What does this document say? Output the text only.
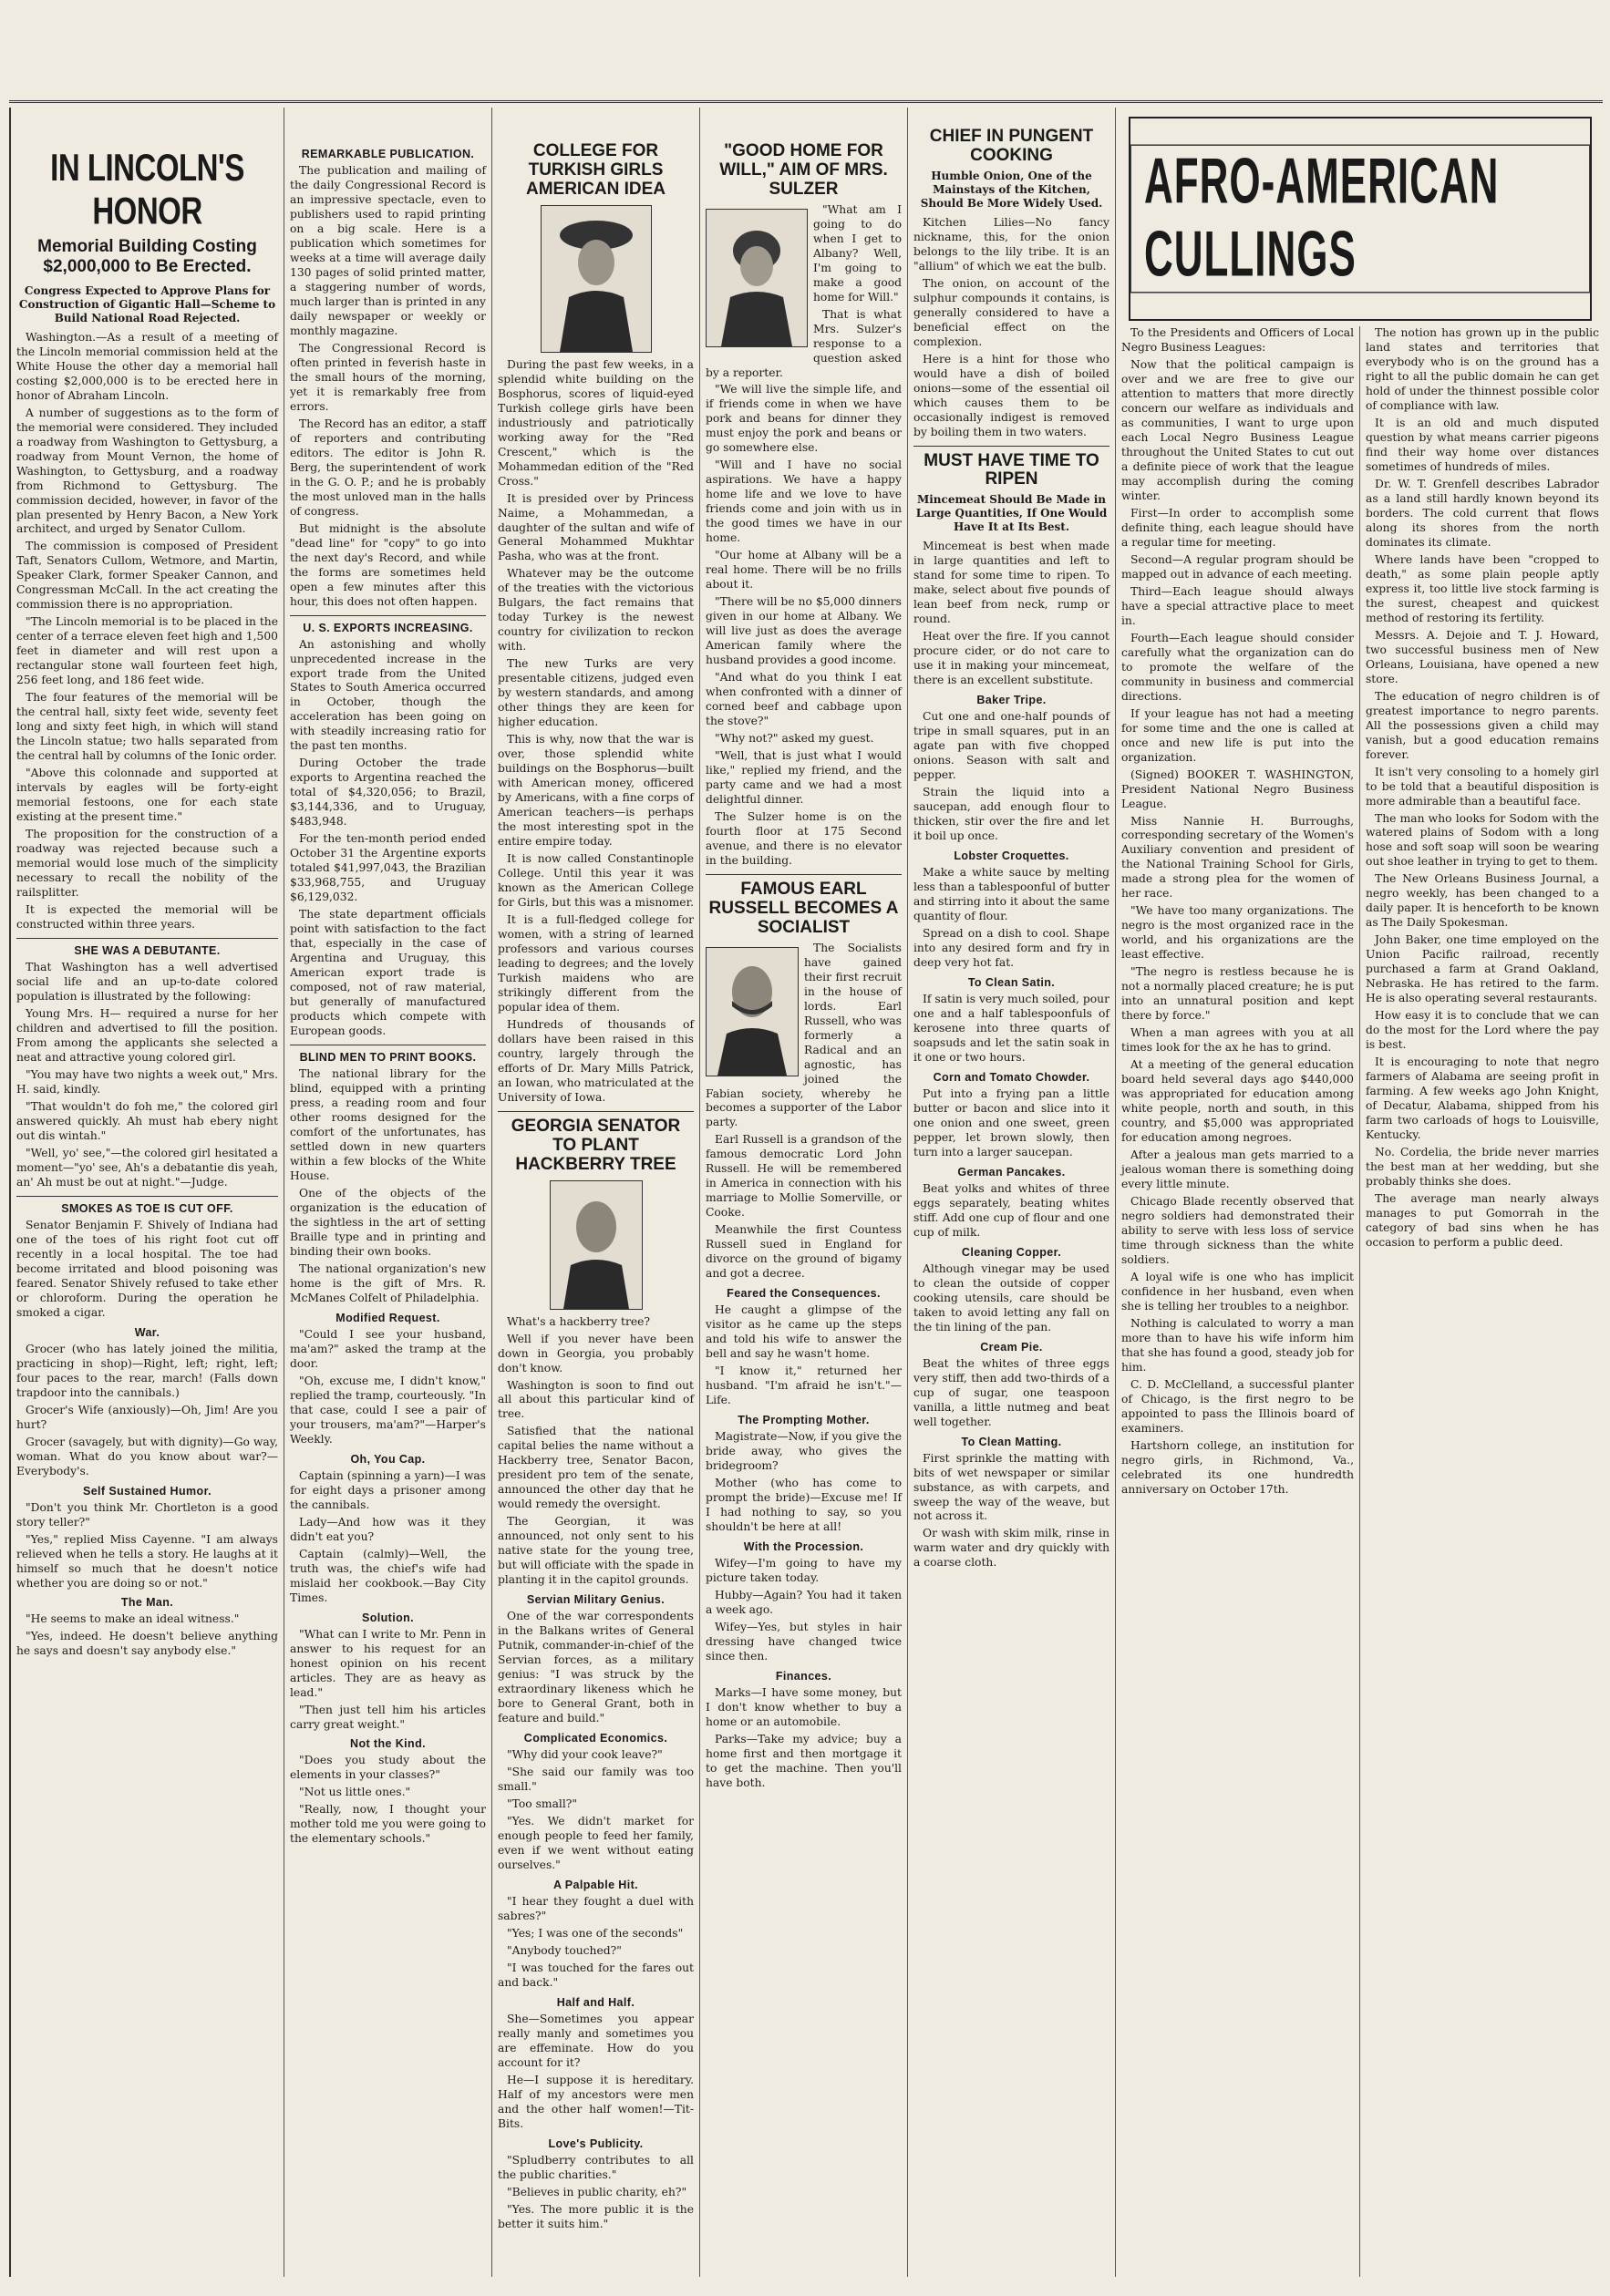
IN LINCOLN'S HONOR
Memorial Building Costing $2,000,000 to Be Erected.
Congress Expected to Approve Plans for Construction of Gigantic Hall—Scheme to Build National Road Rejected.

Washington.—As a result of a meeting of the Lincoln memorial commission held at the White House the other day a memorial hall costing $2,000,000 is to be erected here in honor of Abraham Lincoln.

A number of suggestions as to the form of the memorial were considered. They included a roadway from Washington to Gettysburg, a roadway from Mount Vernon, the home of Washington, to Gettysburg, and a roadway from Richmond to Gettysburg. The commission decided, however, in favor of the plan presented by Henry Bacon, a New York architect, and urged by Senator Cullom.

The commission is composed of President Taft, Senators Cullom, Wetmore, and Martin, Speaker Clark, former Speaker Cannon, and Congressman McCall. In the act creating the commission there is no appropriation.

"The Lincoln memorial is to be placed in the center of a terrace eleven feet high and 1,500 feet in diameter and will rest upon a rectangular stone wall fourteen feet high, 256 feet long, and 186 feet wide.

The four features of the memorial will be the central hall, sixty feet wide, seventy feet long and sixty feet high, in which will stand the Lincoln statue; two halls separated from the central hall by columns of the Ionic order.

"Above this colonnade and supported at intervals by eagles will be forty-eight memorial festoons, one for each state existing at the present time."

The proposition for the construction of a roadway was rejected because such a memorial would lose much of the simplicity necessary to recall the nobility of the railsplitter.

It is expected the memorial will be constructed within three years.

SHE WAS A DEBUTANTE.

That Washington has a well advertised social life and an up-to-date colored population is illustrated by the following:

Young Mrs. H— required a nurse for her children and advertised to fill the position. From among the applicants she selected a neat and attractive young colored girl.

"You may have two nights a week out," Mrs. H. said, kindly.

"That wouldn't do foh me," the colored girl answered quickly. Ah must hab ebery night out dis wintah."

"Well, yo' see,"—the colored girl hesitated a moment—"yo' see, Ah's a debatantie dis yeah, an' Ah must be out at night."—Judge.

SMOKES AS TOE IS CUT OFF.

Senator Benjamin F. Shively of Indiana had one of the toes of his right foot cut off recently in a local hospital. The toe had become irritated and blood poisoning was feared. Senator Shively refused to take ether or chloroform. During the operation he smoked a cigar.

War.

Grocer (who has lately joined the militia, practicing in shop)—Right, left; right, left; four paces to the rear, march! (Falls down trapdoor into the cannibals.)

Grocer's Wife (anxiously)—Oh, Jim! Are you hurt?

Grocer (savagely, but with dignity)—Go way, woman. What do you know about war?—Everybody's.

Self Sustained Humor.

"Don't you think Mr. Chortleton is a good story teller?"

"Yes," replied Miss Cayenne. "I am always relieved when he tells a story. He laughs at it himself so much that he doesn't notice whether you are doing so or not."

The Man.

"He seems to make an ideal witness."

"Yes, indeed. He doesn't believe anything he says and doesn't say anybody else."

REMARKABLE PUBLICATION.

The publication and mailing of the daily Congressional Record is an impressive spectacle, even to publishers used to rapid printing on a big scale. Here is a publication which sometimes for weeks at a time will average daily 130 pages of solid printed matter, a staggering number of words, much larger than is printed in any daily newspaper or weekly or monthly magazine.

The Congressional Record is often printed in feverish haste in the small hours of the morning, yet it is remarkably free from errors.

The Record has an editor, a staff of reporters and contributing editors. The editor is John R. Berg, the superintendent of work in the G. O. P.; and he is probably the most unloved man in the halls of congress.

But midnight is the absolute "dead line" for "copy" to go into the next day's Record, and while the forms are sometimes held open a few minutes after this hour, this does not often happen.

U. S. EXPORTS INCREASING.

An astonishing and wholly unprecedented increase in the export trade from the United States to South America occurred in October, though the acceleration has been going on with steadily increasing ratio for the past ten months.

During October the trade exports to Argentina reached the total of $4,320,056; to Brazil, $3,144,336, and to Uruguay, $483,948.

For the ten-month period ended October 31 the Argentine exports totaled $41,997,043, the Brazilian $33,968,755, and Uruguay $6,129,032.

The state department officials point with satisfaction to the fact that, especially in the case of Argentina and Uruguay, this American export trade is composed, not of raw material, but generally of manufactured products which compete with European goods.

BLIND MEN TO PRINT BOOKS.

The national library for the blind, equipped with a printing press, a reading room and four other rooms designed for the comfort of the unfortunates, has settled down in new quarters within a few blocks of the White House.

One of the objects of the organization is the education of the sightless in the art of setting Braille type and in printing and binding their own books.

The national organization's new home is the gift of Mrs. R. McManes Colfelt of Philadelphia.

Modified Request.

"Could I see your husband, ma'am?" asked the tramp at the door.

"Oh, excuse me, I didn't know," replied the tramp, courteously. "In that case, could I see a pair of your trousers, ma'am?"—Harper's Weekly.

Oh, You Cap.

Captain (spinning a yarn)—I was for eight days a prisoner among the cannibals.

Lady—And how was it they didn't eat you?

Captain (calmly)—Well, the truth was, the chief's wife had mislaid her cookbook.—Bay City Times.

Solution.

"What can I write to Mr. Penn in answer to his request for an honest opinion on his recent articles. They are as heavy as lead."

"Then just tell him his articles carry great weight."

Not the Kind.

"Does you study about the elements in your classes?"

"Not us little ones."

"Really, now, I thought your mother told me you were going to the elementary schools."

COLLEGE FOR TURKISH GIRLS AMERICAN IDEA

During the past few weeks, in a splendid white building on the Bosphorus, scores of liquid-eyed Turkish college girls have been industriously and patriotically working away for the "Red Crescent," which is the Mohammedan edition of the "Red Cross."

It is presided over by Princess Naime, a Mohammedan, a daughter of the sultan and wife of General Mohammed Mukhtar Pasha, who was at the front.

Whatever may be the outcome of the treaties with the victorious Bulgars, the fact remains that today Turkey is the newest country for civilization to reckon with.

The new Turks are very presentable citizens, judged even by western standards, and among other things they are keen for higher education.

This is why, now that the war is over, those splendid white buildings on the Bosphorus—built with American money, officered by Americans, with a fine corps of American teachers—is perhaps the most interesting spot in the entire empire today.

It is now called Constantinople College. Until this year it was known as the American College for Girls, but this was a misnomer.

It is a full-fledged college for women, with a string of learned professors and various courses leading to degrees; and the lovely Turkish maidens who are strikingly different from the popular idea of them.

Hundreds of thousands of dollars have been raised in this country, largely through the efforts of Dr. Mary Mills Patrick, an Iowan, who matriculated at the University of Iowa.

GEORGIA SENATOR TO PLANT HACKBERRY TREE

What's a hackberry tree?

Well if you never have been down in Georgia, you probably don't know.

Washington is soon to find out all about this particular kind of tree.

Satisfied that the national capital belies the name without a Hackberry tree, Senator Bacon, president pro tem of the senate, announced the other day that he would remedy the oversight.

The Georgian, it was announced, not only sent to his native state for the young tree, but will officiate with the spade in planting it in the capitol grounds.

Servian Military Genius.

One of the war correspondents in the Balkans writes of General Putnik, commander-in-chief of the Servian forces, as a military genius: "I was struck by the extraordinary likeness which he bore to General Grant, both in feature and build."

Complicated Economics.

"Why did your cook leave?"

"She said our family was too small."

"Too small?"

"Yes. We didn't market for enough people to feed her family, even if we went without eating ourselves."

A Palpable Hit.

"I hear they fought a duel with sabres?"

"Yes; I was one of the seconds"

"Anybody touched?"

"I was touched for the fares out and back."

Half and Half.

She—Sometimes you appear really manly and sometimes you are effeminate. How do you account for it?

He—I suppose it is hereditary. Half of my ancestors were men and the other half women!—Tit-Bits.

Love's Publicity.

"Spludberry contributes to all the public charities."

"Believes in public charity, eh?"

"Yes. The more public it is the better it suits him."

"GOOD HOME FOR WILL," AIM OF MRS. SULZER

"What am I going to do when I get to Albany? Well, I'm going to make a good home for Will."

That is what Mrs. Sulzer's response to a question asked by a reporter.

"We will live the simple life, and if friends come in when we have pork and beans for dinner they must enjoy the pork and beans or go somewhere else.

"Will and I have no social aspirations. We have a happy home life and we love to have friends come and join with us in the good times we have in our home.

"Our home at Albany will be a real home. There will be no frills about it.

"There will be no $5,000 dinners given in our home at Albany. We will live just as does the average American family where the husband provides a good income.

"And what do you think I eat when confronted with a dinner of corned beef and cabbage upon the stove?"

"Why not?" asked my guest.

"Well, that is just what I would like," replied my friend, and the party came and we had a most delightful dinner.

The Sulzer home is on the fourth floor at 175 Second avenue, and there is no elevator in the building.

FAMOUS EARL RUSSELL BECOMES A SOCIALIST

The Socialists have gained their first recruit in the house of lords. Earl Russell, who was formerly a Radical and an agnostic, has joined the Fabian society, whereby he becomes a supporter of the Labor party.

Earl Russell is a grandson of the famous democratic Lord John Russell. He will be remembered in America in connection with his marriage to Mollie Somerville, or Cooke.

Meanwhile the first Countess Russell sued in England for divorce on the ground of bigamy and got a decree.

Feared the Consequences.

He caught a glimpse of the visitor as he came up the steps and told his wife to answer the bell and say he wasn't home.

"I know it," returned her husband. "I'm afraid he isn't."—Life.

The Prompting Mother.

Magistrate—Now, if you give the bride away, who gives the bridegroom?

Mother (who has come to prompt the bride)—Excuse me! If I had nothing to say, so you shouldn't be here at all!

With the Procession.

Wifey—I'm going to have my picture taken today.

Hubby—Again? You had it taken a week ago.

Wifey—Yes, but styles in hair dressing have changed twice since then.

Finances.

Marks—I have some money, but I don't know whether to buy a home or an automobile.

Parks—Take my advice; buy a home first and then mortgage it to get the machine. Then you'll have both.

CHIEF IN PUNGENT COOKING
Humble Onion, One of the Mainstays of the Kitchen, Should Be More Widely Used.

Kitchen Lilies—No fancy nickname, this, for the onion belongs to the lily tribe. It is an "allium" of which we eat the bulb.

The onion, on account of the sulphur compounds it contains, is generally considered to have a beneficial effect on the complexion.

Here is a hint for those who would have a dish of boiled onions—some of the essential oil which causes them to be occasionally indigest is removed by boiling them in two waters.

MUST HAVE TIME TO RIPEN
Mincemeat Should Be Made in Large Quantities, If One Would Have It at Its Best.

Mincemeat is best when made in large quantities and left to stand for some time to ripen. To make, select about five pounds of lean beef from neck, rump or round.

Heat over the fire. If you cannot procure cider, or do not care to use it in making your mincemeat, there is an excellent substitute.

Baker Tripe.

Cut one and one-half pounds of tripe in small squares, put in an agate pan with five chopped onions. Season with salt and pepper.

Strain the liquid into a saucepan, add enough flour to thicken, stir over the fire and let it boil up once.

Lobster Croquettes.

Make a white sauce by melting less than a tablespoonful of butter and stirring into it about the same quantity of flour.

Spread on a dish to cool. Shape into any desired form and fry in deep very hot fat.

To Clean Satin.

If satin is very much soiled, pour one and a half tablespoonfuls of kerosene into three quarts of soapsuds and let the satin soak in it one or two hours.

Corn and Tomato Chowder.

Put into a frying pan a little butter or bacon and slice into it one onion and one sweet, green pepper, let brown slowly, then turn into a larger saucepan.

German Pancakes.

Beat yolks and whites of three eggs separately, beating whites stiff. Add one cup of flour and one cup of milk.

Cleaning Copper.

Although vinegar may be used to clean the outside of copper cooking utensils, care should be taken to avoid letting any fall on the tin lining of the pan.

Cream Pie.

Beat the whites of three eggs very stiff, then add two-thirds of a cup of sugar, one teaspoon vanilla, a little nutmeg and beat well together.

To Clean Matting.

First sprinkle the matting with bits of wet newspaper or similar substance, as with carpets, and sweep the way of the weave, but not across it.

Or wash with skim milk, rinse in warm water and dry quickly with a coarse cloth.

AFRO-AMERICAN CULLINGS

To the Presidents and Officers of Local Negro Business Leagues:

Now that the political campaign is over and we are free to give our attention to matters that more directly concern our welfare as individuals and as communities, I want to urge upon each Local Negro Business League throughout the United States to cut out a definite piece of work that the league may accomplish during the coming winter.

First—In order to accomplish some definite thing, each league should have a regular time for meeting.

Second—A regular program should be mapped out in advance of each meeting.

Third—Each league should always have a special attractive place to meet in.

Fourth—Each league should consider carefully what the organization can do to promote the welfare of the community in business and commercial directions.

If your league has not had a meeting for some time and the one is called at once and new life is put into the organization.

(Signed) BOOKER T. WASHINGTON, President National Negro Business League.

Miss Nannie H. Burroughs, corresponding secretary of the Women's Auxiliary convention and president of the National Training School for Girls, made a strong plea for the women of her race.

"We have too many organizations. The negro is the most organized race in the world, and his organizations are the least effective.

"The negro is restless because he is not a normally placed creature; he is put into an unnatural position and kept there by force."

When a man agrees with you at all times look for the ax he has to grind.

At a meeting of the general education board held several days ago $440,000 was appropriated for education among white people, north and south, in this country, and $5,000 was appropriated for education among negroes.

After a jealous man gets married to a jealous woman there is something doing every little minute.

Chicago Blade recently observed that negro soldiers had demonstrated their ability to serve with less loss of service time through sickness than the white soldiers.

A loyal wife is one who has implicit confidence in her husband, even when she is telling her troubles to a neighbor.

Nothing is calculated to worry a man more than to have his wife inform him that she has found a good, steady job for him.

C. D. McClelland, a successful planter of Chicago, is the first negro to be appointed to pass the Illinois board of examiners.

Hartshorn college, an institution for negro girls, in Richmond, Va., celebrated its one hundredth anniversary on October 17th.

The notion has grown up in the public land states and territories that everybody who is on the ground has a right to all the public domain he can get hold of under the thinnest possible color of compliance with law.

It is an old and much disputed question by what means carrier pigeons find their way home over distances sometimes of hundreds of miles.

Dr. W. T. Grenfell describes Labrador as a land still hardly known beyond its borders. The cold current that flows along its shores from the north dominates its climate.

Where lands have been "cropped to death," as some plain people aptly express it, too little live stock farming is the surest, cheapest and quickest method of restoring its fertility.

Messrs. A. Dejoie and T. J. Howard, two successful business men of New Orleans, Louisiana, have opened a new store.

The education of negro children is of greatest importance to negro parents. All the possessions given a child may vanish, but a good education remains forever.

It isn't very consoling to a homely girl to be told that a beautiful disposition is more admirable than a beautiful face.

The man who looks for Sodom with the watered plains of Sodom with a long hose and soft soap will soon be wearing out shoe leather in trying to get to them.

The New Orleans Business Journal, a negro weekly, has been changed to a daily paper. It is henceforth to be known as The Daily Spokesman.

John Baker, one time employed on the Union Pacific railroad, recently purchased a farm at Grand Oakland, Nebraska. He has retired to the farm. He is also operating several restaurants.

How easy it is to conclude that we can do the most for the Lord where the pay is best.

It is encouraging to note that negro farmers of Alabama are seeing profit in farming. A few weeks ago John Knight, of Decatur, Alabama, shipped from his farm two carloads of hogs to Louisville, Kentucky.

No. Cordelia, the bride never marries the best man at her wedding, but she probably thinks she does.

The average man nearly always manages to put Gomorrah in the category of bad sins when he has occasion to perform a public deed.
